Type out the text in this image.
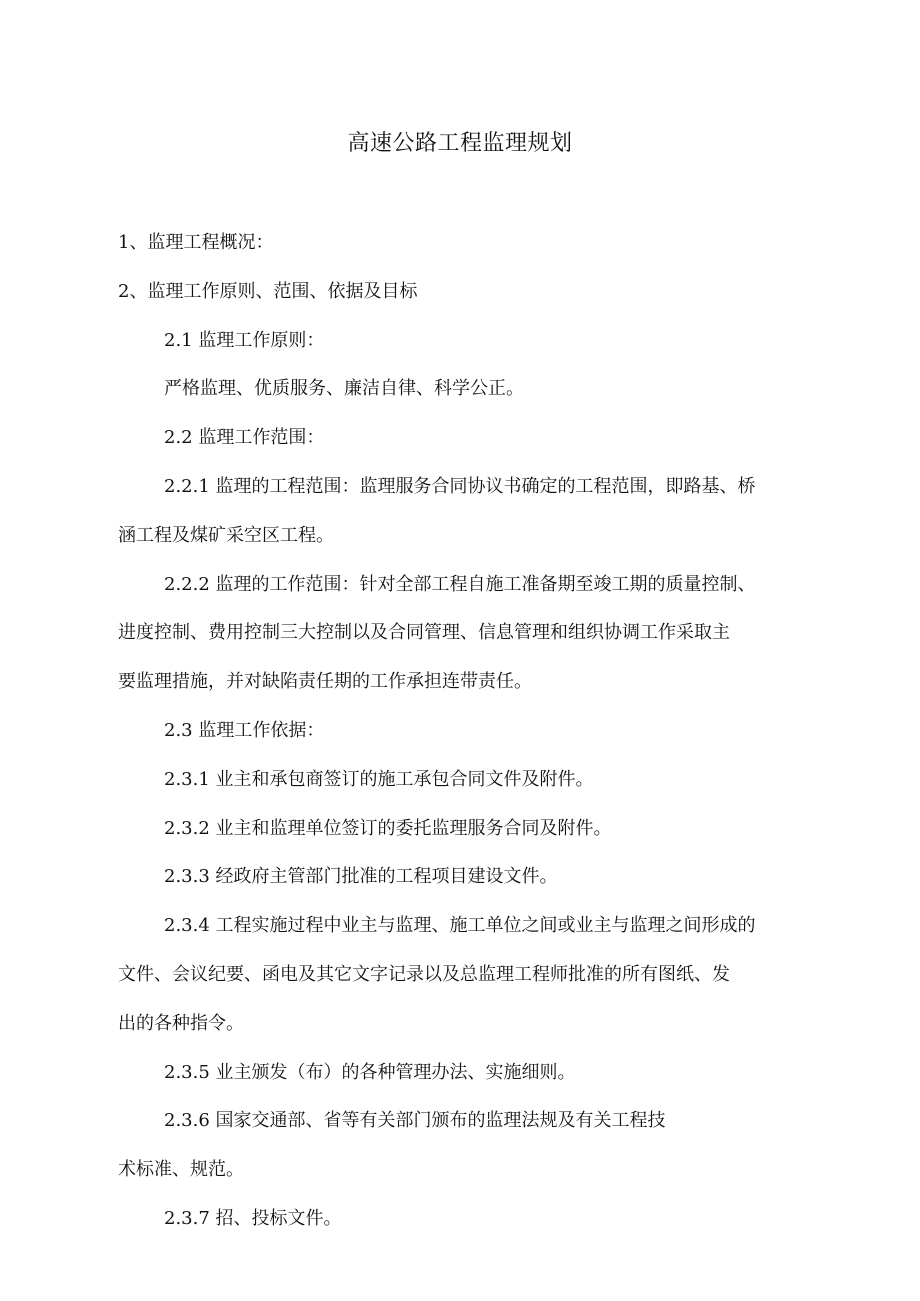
高速公路工程监理规划

1、监理工程概况：

2、监理工作原则、范围、依据及目标

2.1 监理工作原则：

严格监理、优质服务、廉洁自律、科学公正。

2.2 监理工作范围：

2.2.1 监理的工程范围：监理服务合同协议书确定的工程范围，即路基、桥

涵工程及煤矿采空区工程。

2.2.2 监理的工作范围：针对全部工程自施工准备期至竣工期的质量控制、

进度控制、费用控制三大控制以及合同管理、信息管理和组织协调工作采取主

要监理措施，并对缺陷责任期的工作承担连带责任。

2.3 监理工作依据：

2.3.1 业主和承包商签订的施工承包合同文件及附件。

2.3.2 业主和监理单位签订的委托监理服务合同及附件。

2.3.3 经政府主管部门批准的工程项目建设文件。

2.3.4 工程实施过程中业主与监理、施工单位之间或业主与监理之间形成的

文件、会议纪要、函电及其它文字记录以及总监理工程师批准的所有图纸、发

出的各种指令。

2.3.5 业主颁发（布）的各种管理办法、实施细则。

2.3.6 国家交通部、省等有关部门颁布的监理法规及有关工程技

术标准、规范。

2.3.7 招、投标文件。
